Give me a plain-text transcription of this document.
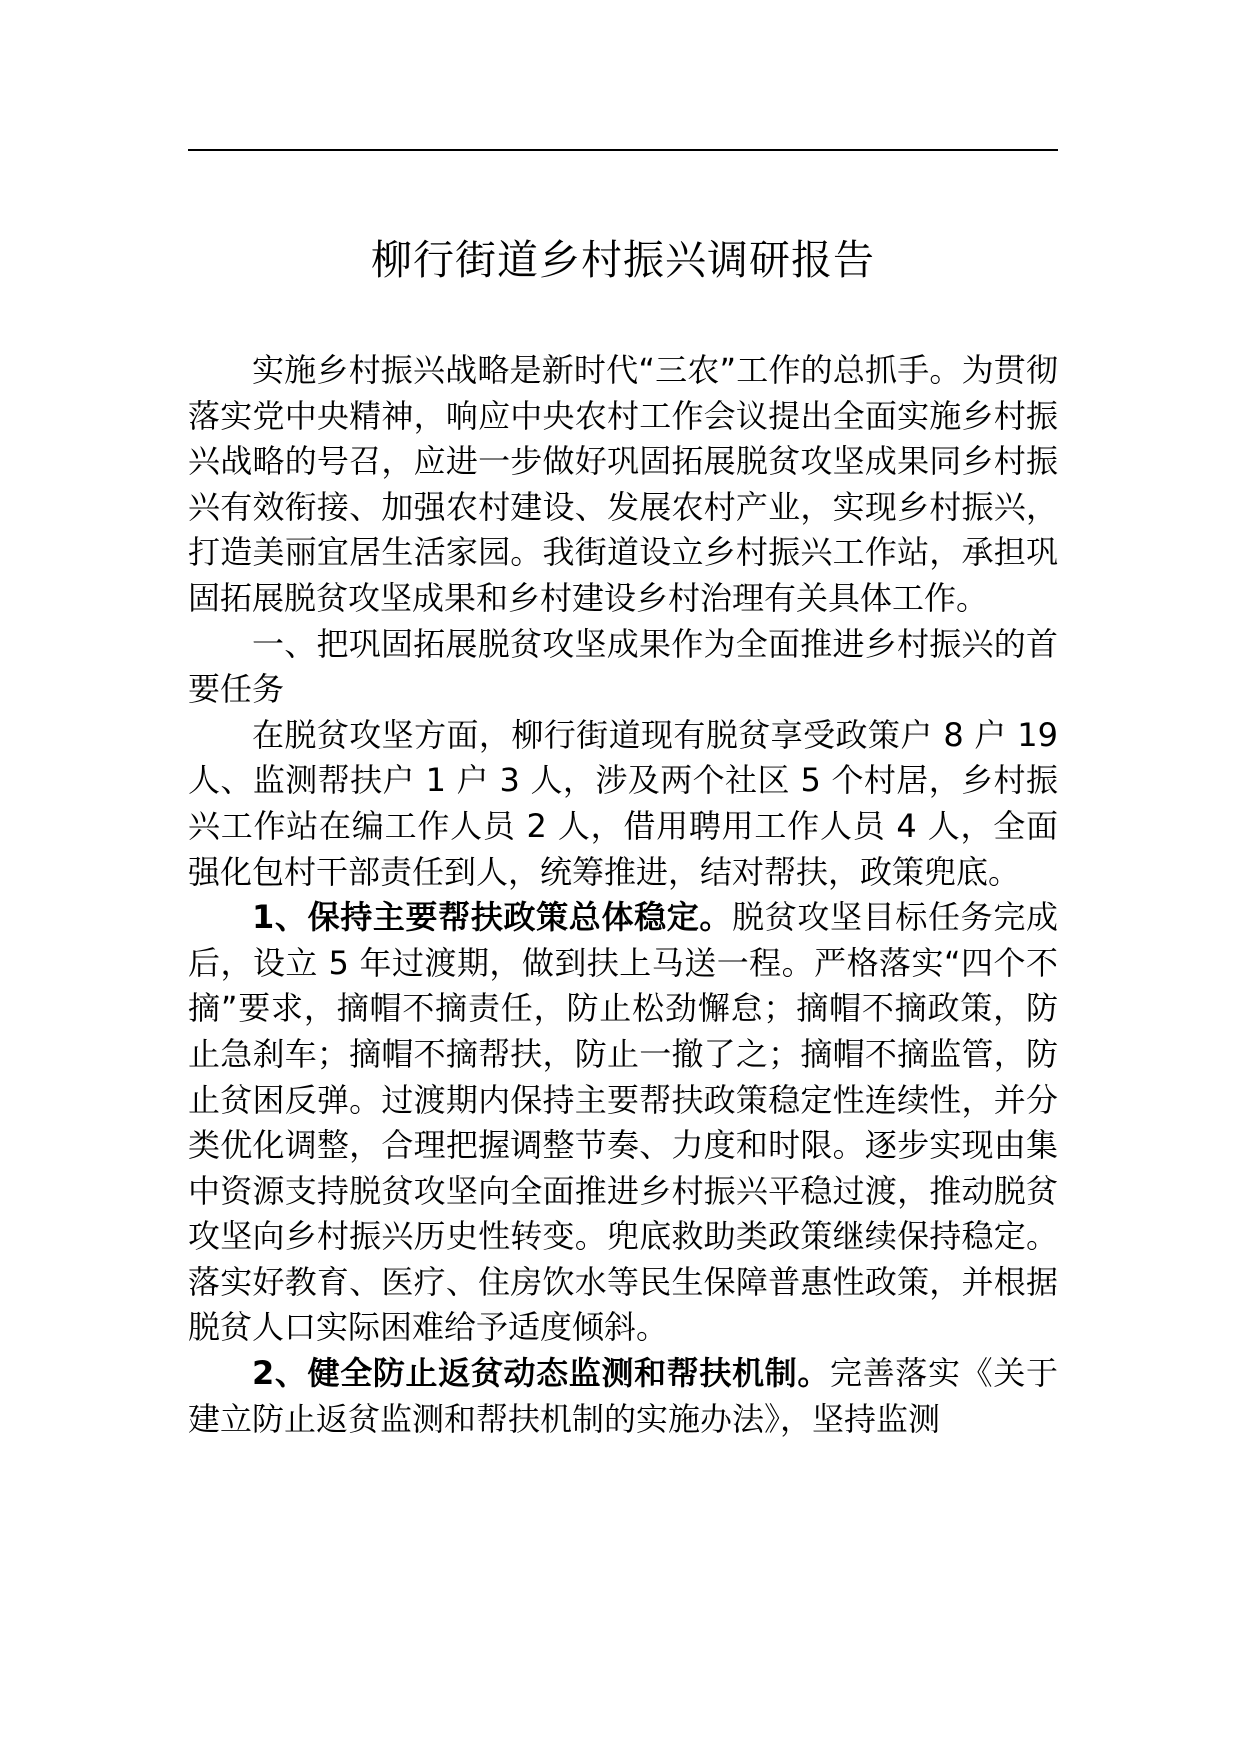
柳行街道乡村振兴调研报告

实施乡村振兴战略是新时代“三农”工作的总抓手。为贯彻落实党中央精神，响应中央农村工作会议提出全面实施乡村振兴战略的号召，应进一步做好巩固拓展脱贫攻坚成果同乡村振兴有效衔接、加强农村建设、发展农村产业，实现乡村振兴，打造美丽宜居生活家园。我街道设立乡村振兴工作站，承担巩固拓展脱贫攻坚成果和乡村建设乡村治理有关具体工作。

一、把巩固拓展脱贫攻坚成果作为全面推进乡村振兴的首要任务

在脱贫攻坚方面，柳行街道现有脱贫享受政策户 8 户 19 人、监测帮扶户 1 户 3 人，涉及两个社区 5 个村居，乡村振兴工作站在编工作人员 2 人，借用聘用工作人员 4 人，全面强化包村干部责任到人，统筹推进，结对帮扶，政策兜底。

1、保持主要帮扶政策总体稳定。脱贫攻坚目标任务完成后，设立 5 年过渡期，做到扶上马送一程。严格落实“四个不摘”要求，摘帽不摘责任，防止松劲懈怠；摘帽不摘政策，防止急刹车；摘帽不摘帮扶，防止一撤了之；摘帽不摘监管，防止贫困反弹。过渡期内保持主要帮扶政策稳定性连续性，并分类优化调整，合理把握调整节奏、力度和时限。逐步实现由集中资源支持脱贫攻坚向全面推进乡村振兴平稳过渡，推动脱贫攻坚向乡村振兴历史性转变。兜底救助类政策继续保持稳定。落实好教育、医疗、住房饮水等民生保障普惠性政策，并根据脱贫人口实际困难给予适度倾斜。

2、健全防止返贫动态监测和帮扶机制。完善落实《关于建立防止返贫监测和帮扶机制的实施办法》，坚持监测
